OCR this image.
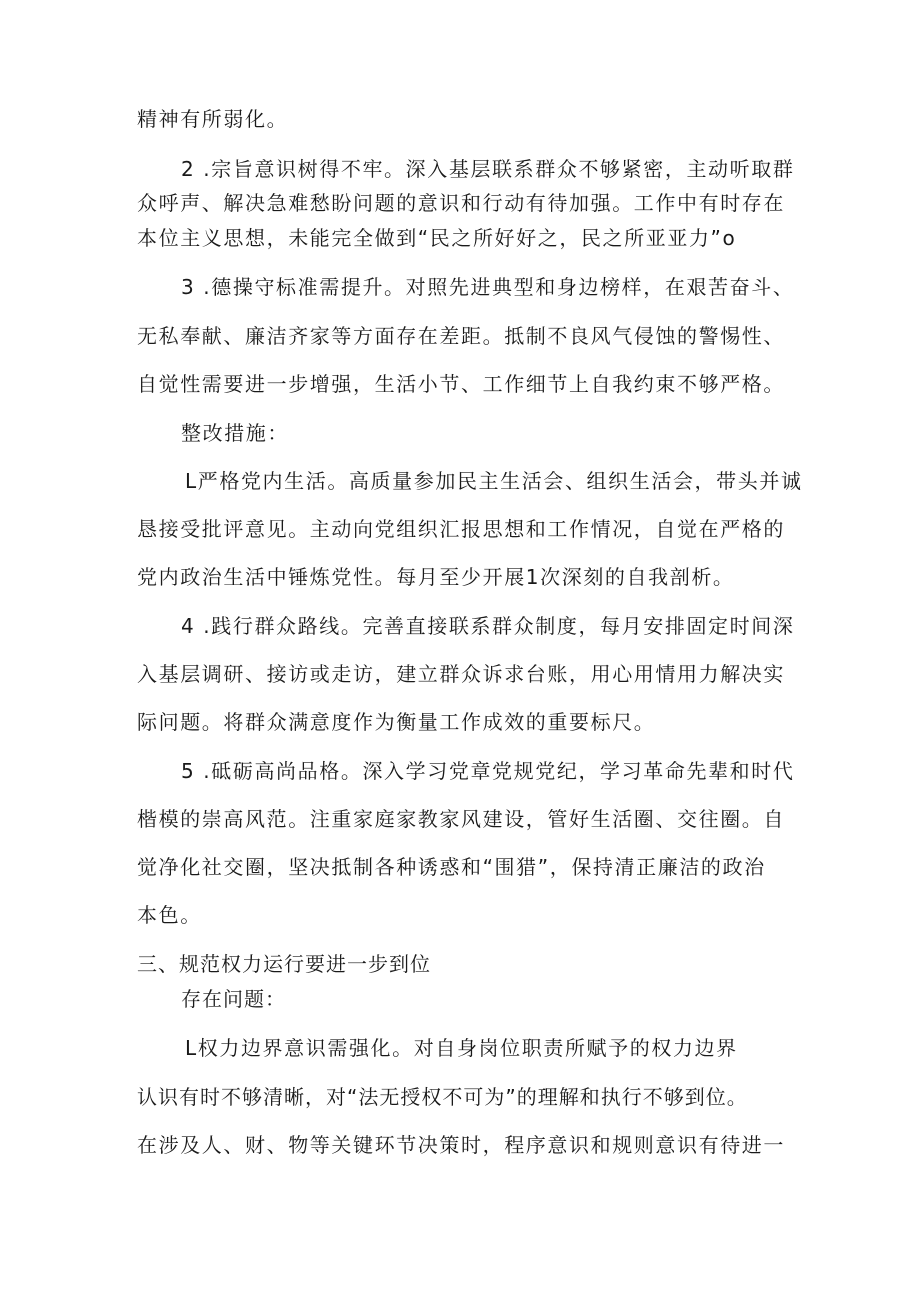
精神有所弱化。
2 .宗旨意识树得不牢。深入基层联系群众不够紧密，主动听取群
众呼声、解决急难愁盼问题的意识和行动有待加强。工作中有时存在
本位主义思想，未能完全做到“民之所好好之，民之所亚亚力”o
3 .德操守标准需提升。对照先进典型和身边榜样，在艰苦奋斗、
无私奉献、廉洁齐家等方面存在差距。抵制不良风气侵蚀的警惕性、
自觉性需要进一步增强，生活小节、工作细节上自我约束不够严格。
整改措施：
L严格党内生活。高质量参加民主生活会、组织生活会，带头并诚
恳接受批评意见。主动向党组织汇报思想和工作情况，自觉在严格的
党内政治生活中锤炼党性。每月至少开展1次深刻的自我剖析。
4 .践行群众路线。完善直接联系群众制度，每月安排固定时间深
入基层调研、接访或走访，建立群众诉求台账，用心用情用力解决实
际问题。将群众满意度作为衡量工作成效的重要标尺。
5 .砥砺高尚品格。深入学习党章党规党纪，学习革命先辈和时代
楷模的崇高风范。注重家庭家教家风建设，管好生活圈、交往圈。自
觉净化社交圈，坚决抵制各种诱惑和“围猎”，保持清正廉洁的政治
本色。
三、规范权力运行要进一步到位
存在问题：
L权力边界意识需强化。对自身岗位职责所赋予的权力边界
认识有时不够清晰，对“法无授权不可为”的理解和执行不够到位。
在涉及人、财、物等关键环节决策时，程序意识和规则意识有待进一
